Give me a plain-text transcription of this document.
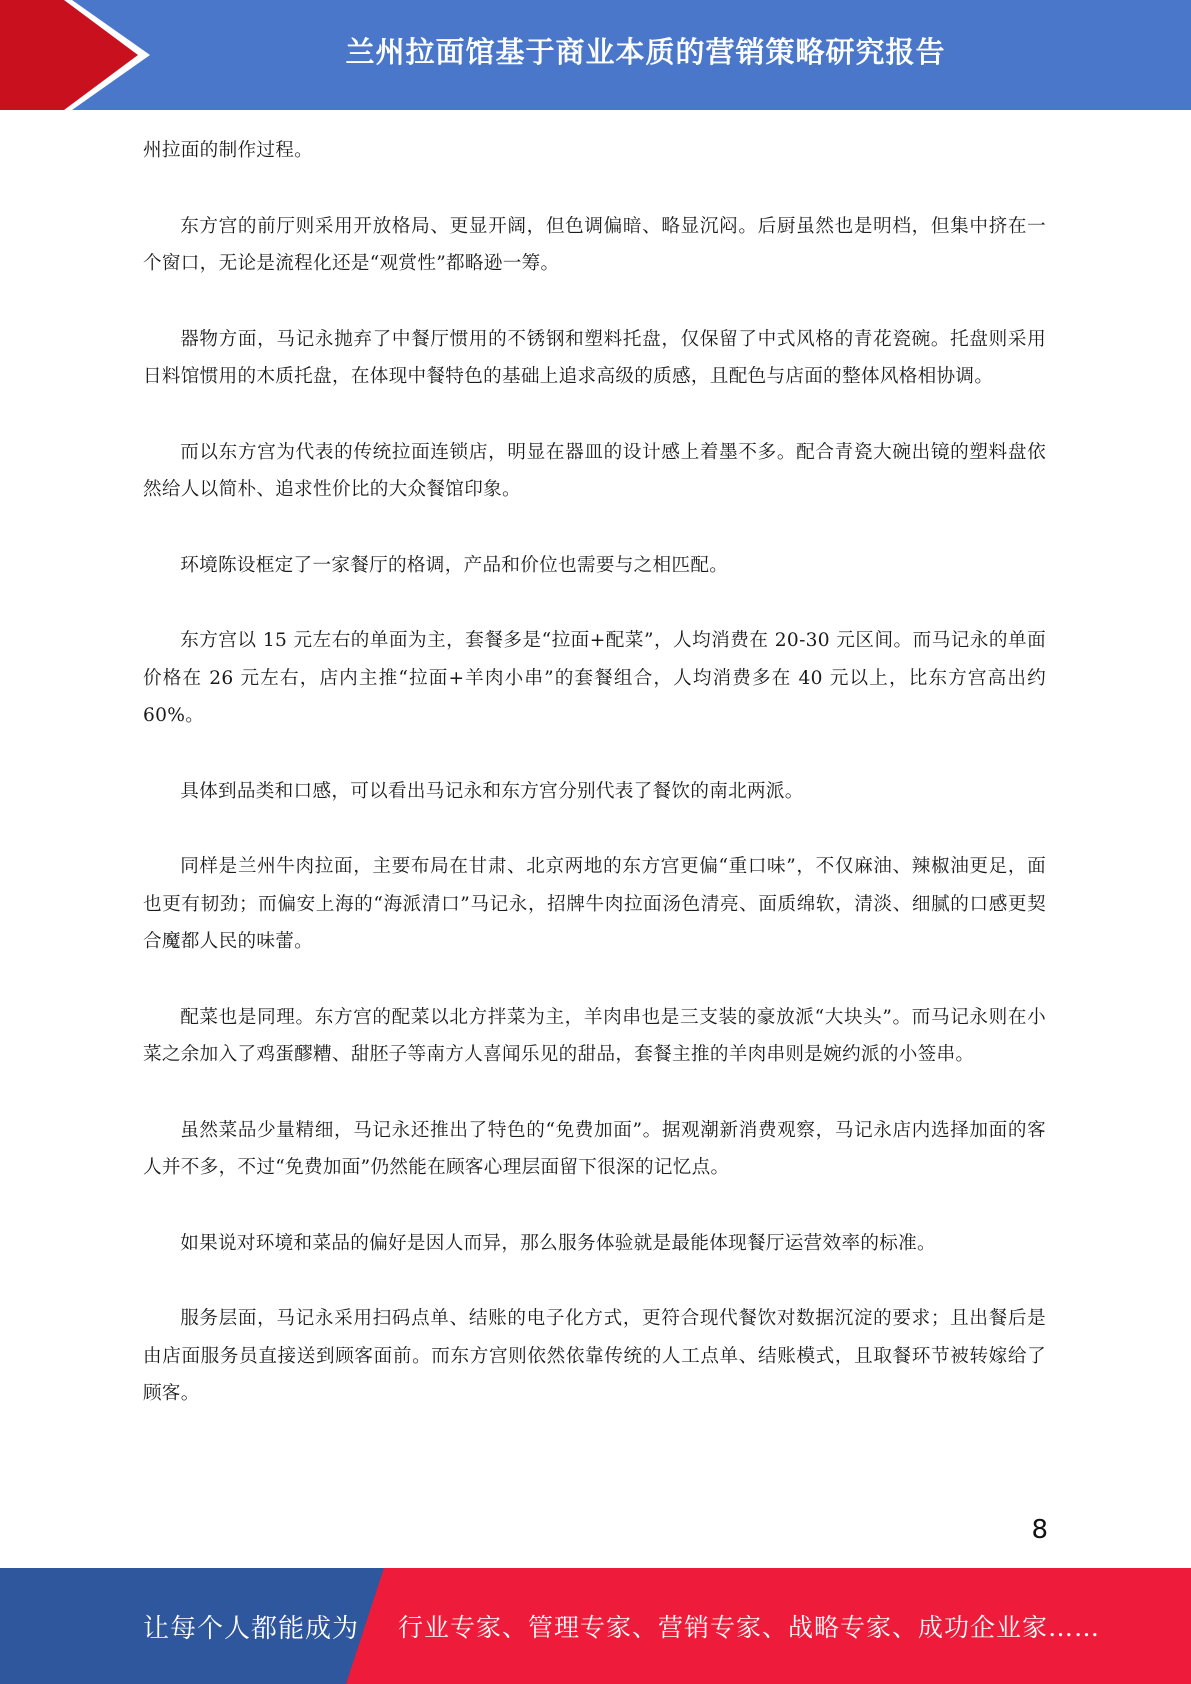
兰州拉面馆基于商业本质的营销策略研究报告

州拉面的制作过程。

东方宫的前厅则采用开放格局、更显开阔，但色调偏暗、略显沉闷。后厨虽然也是明档，但集中挤在一个窗口，无论是流程化还是“观赏性”都略逊一筹。

器物方面，马记永抛弃了中餐厅惯用的不锈钢和塑料托盘，仅保留了中式风格的青花瓷碗。托盘则采用日料馆惯用的木质托盘，在体现中餐特色的基础上追求高级的质感，且配色与店面的整体风格相协调。

而以东方宫为代表的传统拉面连锁店，明显在器皿的设计感上着墨不多。配合青瓷大碗出镜的塑料盘依然给人以简朴、追求性价比的大众餐馆印象。

环境陈设框定了一家餐厅的格调，产品和价位也需要与之相匹配。

东方宫以 15 元左右的单面为主，套餐多是“拉面+配菜”，人均消费在 20-30 元区间。而马记永的单面价格在 26 元左右，店内主推“拉面+羊肉小串”的套餐组合，人均消费多在 40 元以上，比东方宫高出约 60%。

具体到品类和口感，可以看出马记永和东方宫分别代表了餐饮的南北两派。

同样是兰州牛肉拉面，主要布局在甘肃、北京两地的东方宫更偏“重口味”，不仅麻油、辣椒油更足，面也更有韧劲；而偏安上海的“海派清口”马记永，招牌牛肉拉面汤色清亮、面质绵软，清淡、细腻的口感更契合魔都人民的味蕾。

配菜也是同理。东方宫的配菜以北方拌菜为主，羊肉串也是三支装的豪放派“大块头”。而马记永则在小菜之余加入了鸡蛋醪糟、甜胚子等南方人喜闻乐见的甜品，套餐主推的羊肉串则是婉约派的小签串。

虽然菜品少量精细，马记永还推出了特色的“免费加面”。据观潮新消费观察，马记永店内选择加面的客人并不多，不过“免费加面”仍然能在顾客心理层面留下很深的记忆点。

如果说对环境和菜品的偏好是因人而异，那么服务体验就是最能体现餐厅运营效率的标准。

服务层面，马记永采用扫码点单、结账的电子化方式，更符合现代餐饮对数据沉淀的要求；且出餐后是由店面服务员直接送到顾客面前。而东方宫则依然依靠传统的人工点单、结账模式，且取餐环节被转嫁给了顾客。

8
让每个人都能成为 行业专家、管理专家、营销专家、战略专家、成功企业家……
